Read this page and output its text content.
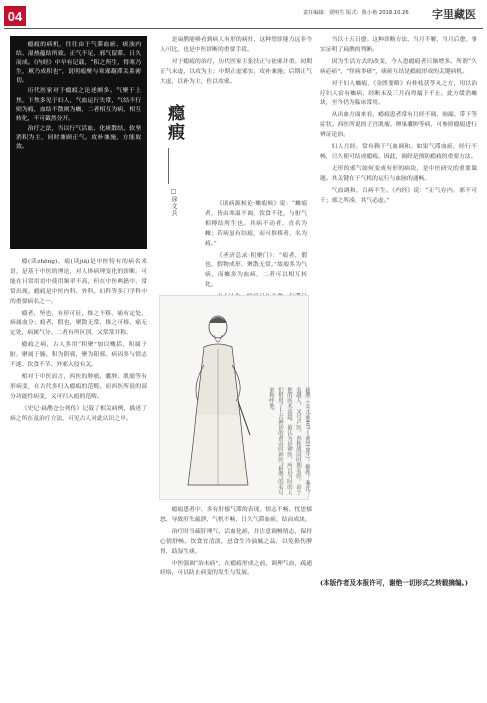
04	责任编辑：贾明生 版式：陈小艳 2018.10.26 字里藏医

瘾瘕的病机，往往由于气滞血瘀、痰浊内结、湿热蕴结所致。正气不足，邪气留滞，日久而成。《内经》中早有记载，“积之所生，得寒乃生，厥乃成积也”，说明瘕聚与寒邪凝滞关系密切。

历代医家对于瘾瘕之论述颇多。气聚于上焦，下焦多见于妇人，气血运行失常，气结不行则为瘕，血结不散则为癥，二者相互为病，相互转化，不可截然分开。

治疗之法，当以行气活血、化痰散结、软坚消积为主，同时兼顾正气。攻补兼施，方能取效。

瘾瘕
□徐文兵

瘾(读zhēng)、瘕(读jiǎ)是中医特有的病名术语，是基于中医的理论，对人体病理变化的诊断。可能在日常用语中使用频率不高，但在中医典籍中，常常出现。瘾瘕是中医内科、外科、妇科等多门学科中的重要病名之一。

瘾者，坚也，有形可征，推之不移，痛有定处，病属血分；瘕者，假也，聚散无常，推之可移，痛无定处，病属气分。二者有所区别，又常常并称。

瘾瘕之病，古人多用“积聚”加以概括，积属于脏，聚属于腑。积为阴邪，聚为阳邪。病因多与情志不遂、饮食不节、外邪入侵有关。

相对于中医而言，西医的肿瘤、囊肿、肌瘤等有形病变，在古代多归入瘾瘕的范畴。而西医所说的部分功能性病变，又可归入瘕的范畴。

《史记·扁鹊仓公列传》记载了相关病例，描述了病之所在及治疗方法，可见古人对此认识之早。

是扁鹊能够看到病人有形的病灶，这种望诊能力远非今人可比，也是中医诊断的重要手段。

对于瘾瘕的治疗，历代医家主张扶正与祛邪并重。初期正气未虚，以攻为主；中期正虚邪实，攻补兼施；后期正气大虚，以补为主，佐以攻邪。

《诸病源候论·癥瘕候》说：“癥瘕者，皆由寒温不调，饮食不化，与脏气相搏结所生也。其病不动者，直名为癥；若病虽有结瘕，而可推移者，名为瘕。”

《圣济总录·积聚门》：“瘕者，假也，假物成形，聚散无常。”故瘕多为气病，而癥多为血病，二者可以相互转化。

扁鹊（公元前407—前310年），姬姓，秦氏，名越人，又号卢医，春秋战国时期名医。由于他的医术高超，被认为是神医，所以当时的人们借用了上古神话的黄帝时神医“扁鹊”的名号来称呼他。

瘾瘕患者中，多有肝郁气滞的表现。情志不畅、忧思郁怒，导致肝失疏泄，气机不畅，日久气滞血瘀，结而成块。

治疗时当疏肝理气、活血化瘀，并注意调畅情志，保持心情舒畅。饮食宜清淡，忌食生冷油腻之品，以免损伤脾胃，助湿生痰。

中医强调“治未病”，在瘾瘕形成之前，调理气血，疏通经络，可以防止病变的发生与发展。

当以十五日愈。这种诊断方法，当月不解，当月后愈，事实证明了扁鹊的判断。

因为生活方式的改变，今人患瘾瘕者日渐增多。所谓“久病必瘀”，“怪病多痰”，痰瘀互结是瘾瘕形成的关键病机。

对于妇人癥瘕，《金匮要略》有桂枝茯苓丸之方，用以治疗妇人宿有癥病，经断未及三月而得漏下不止。此方缓消癥块，至今仍为临床常用。

从出血方面来看，瘾瘕患者常有月经不调、崩漏、带下等症状。西医所说的子宫肌瘤、卵巢囊肿等病，可参照瘾瘕进行辨证论治。

妇人月经，常有赖于气血调和。如果气滞血瘀，经行不畅，日久便可结成瘾瘕。因此，调经是预防瘾瘕的重要方法。

无形的邪气如何变成有形的病块，是中医研究的重要课题。其关键在于气机的运行与血脉的通畅。

气血调和，百病不生。《内经》说：“正气存内，邪不可干；邪之所凑，其气必虚。”

(本版作者及本报许可，谢绝一切形式之转载摘编。)
